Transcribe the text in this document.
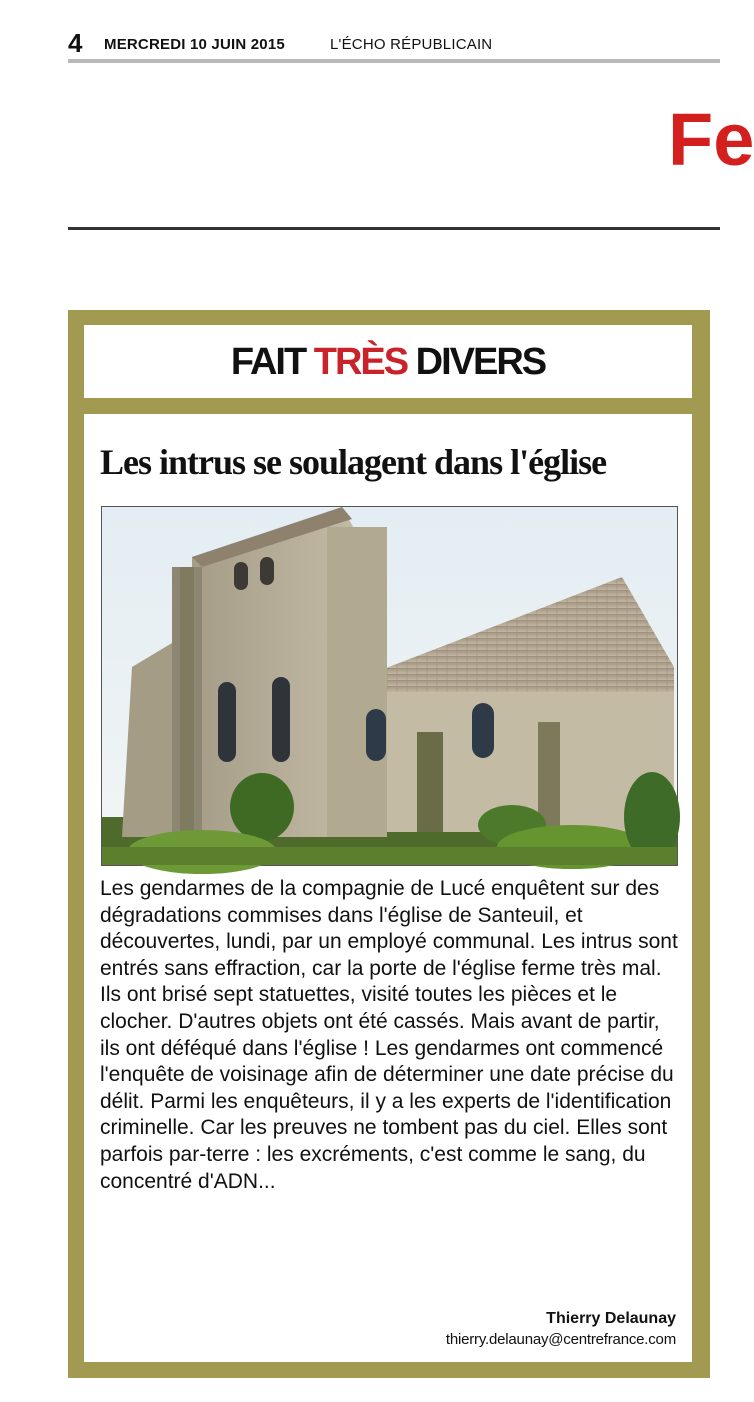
4 MERCREDI 10 JUIN 2015	L'ÉCHO RÉPUBLICAIN
Fe
FAIT TRÈS DIVERS
Les intrus se soulagent dans l'église
Les gendarmes de la compagnie de Lucé enquêtent sur des dégradations commises dans l'église de Santeuil, et découvertes, lundi, par un employé communal. Les intrus sont entrés sans effraction, car la porte de l'église ferme très mal. Ils ont brisé sept statuettes, visité toutes les pièces et le clocher. D'autres objets ont été cassés. Mais avant de partir, ils ont déféqué dans l'église ! Les gendarmes ont commencé l'enquête de voisinage afin de déterminer une date précise du délit. Parmi les enquêteurs, il y a les experts de l'identification criminelle. Car les preuves ne tombent pas du ciel. Elles sont parfois par-terre : les excréments, c'est comme le sang, du concentré d'ADN...
Thierry Delaunay
thierry.delaunay@centrefrance.com
